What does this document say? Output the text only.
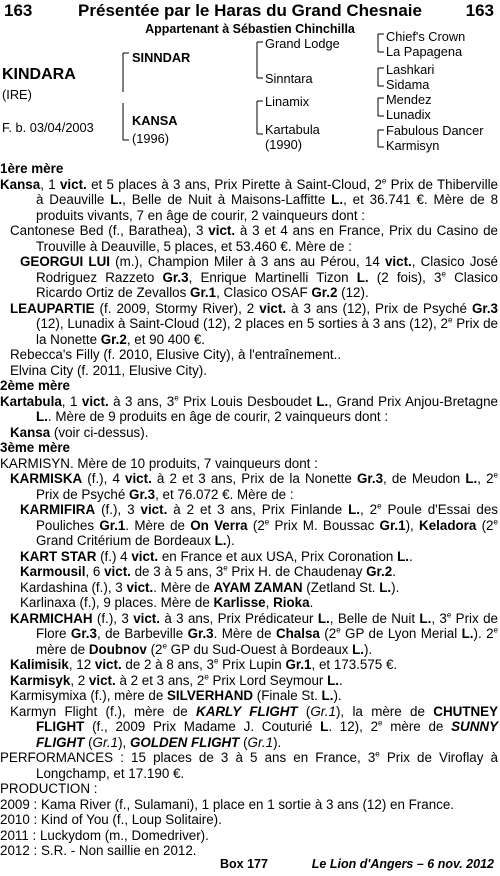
163	Présentée par le Haras du Grand Chesnaie	163
Appartenant à Sébastien Chinchilla
KINDARA
(IRE)
F. b. 03/04/2003
SINNDAR
KANSA
(1996)
Grand Lodge
Sinntara
Linamix
Kartabula
(1990)
Chief's Crown
La Papagena
Lashkari
Sidama
Mendez
Lunadix
Fabulous Dancer
Karmisyn
1ère mère
Kansa, 1 vict. et 5 places à 3 ans, Prix Pirette à Saint-Cloud, 2e Prix de Thiberville à Deauville L., Belle de Nuit à Maisons-Laffitte L., et 36.741 €. Mère de 8 produits vivants, 7 en âge de courir, 2 vainqueurs dont :
Cantonese Bed (f., Barathea), 3 vict. à 3 et 4 ans en France, Prix du Casino de Trouville à Deauville, 5 places, et 53.460 €. Mère de :
GEORGUI LUI (m.), Champion Miler à 3 ans au Pérou, 14 vict., Clasico José Rodriguez Razzeto Gr.3, Enrique Martinelli Tizon L. (2 fois), 3e Clasico Ricardo Ortiz de Zevallos Gr.1, Clasico OSAF Gr.2 (12).
LEAUPARTIE (f. 2009, Stormy River), 2 vict. à 3 ans (12), Prix de Psyché Gr.3 (12), Lunadix à Saint-Cloud (12), 2 places en 5 sorties à 3 ans (12), 2e Prix de la Nonette Gr.2, et 90 400 €.
Rebecca's Filly (f. 2010, Elusive City), à l'entraînement..
Elvina City (f. 2011, Elusive City).
2ème mère
Kartabula, 1 vict. à 3 ans, 3e Prix Louis Desboudet L., Grand Prix Anjou-Bretagne L.. Mère de 9 produits en âge de courir, 2 vainqueurs dont :
Kansa (voir ci-dessus).
3ème mère
KARMISYN. Mère de 10 produits, 7 vainqueurs dont :
KARMISKA (f.), 4 vict. à 2 et 3 ans, Prix de la Nonette Gr.3, de Meudon L., 2e Prix de Psyché Gr.3, et 76.072 €. Mère de :
KARMIFIRA (f.), 3 vict. à 2 et 3 ans, Prix Finlande L., 2e Poule d'Essai des Pouliches Gr.1. Mère de On Verra (2e Prix M. Boussac Gr.1), Keladora (2e Grand Critérium de Bordeaux L.).
KART STAR (f.) 4 vict. en France et aux USA, Prix Coronation L..
Karmousil, 6 vict. de 3 à 5 ans, 3e Prix H. de Chaudenay Gr.2.
Kardashina (f.), 3 vict.. Mère de AYAM ZAMAN (Zetland St. L.).
Karlinaxa (f.), 9 places. Mère de Karlisse, Rioka.
KARMICHAH (f.), 3 vict. à 3 ans, Prix Prédicateur L., Belle de Nuit L., 3e Prix de Flore Gr.3, de Barbeville Gr.3. Mère de Chalsa (2e GP de Lyon Merial L.). 2e mère de Doubnov (2e GP du Sud-Ouest à Bordeaux L.).
Kalimisik, 12 vict. de 2 à 8 ans, 3e Prix Lupin Gr.1, et 173.575 €.
Karmisyk, 2 vict. à 2 et 3 ans, 2e Prix Lord Seymour L..
Karmisymixa (f.), mère de SILVERHAND (Finale St. L.).
Karmyn Flight (f.), mère de KARLY FLIGHT (Gr.1), la mère de CHUTNEY FLIGHT (f., 2009 Prix Madame J. Couturié L. 12), 2e mère de SUNNY FLIGHT (Gr.1), GOLDEN FLIGHT (Gr.1).
PERFORMANCES : 15 places de 3 à 5 ans en France, 3e Prix de Viroflay à Longchamp, et 17.190 €.
PRODUCTION :
2009 : Kama River (f., Sulamani), 1 place en 1 sortie à 3 ans (12) en France.
2010 : Kind of You (f., Loup Solitaire).
2011 : Luckydom (m., Domedriver).
2012 : S.R. - Non saillie en 2012.
Box 177	Le Lion d'Angers – 6 nov. 2012
